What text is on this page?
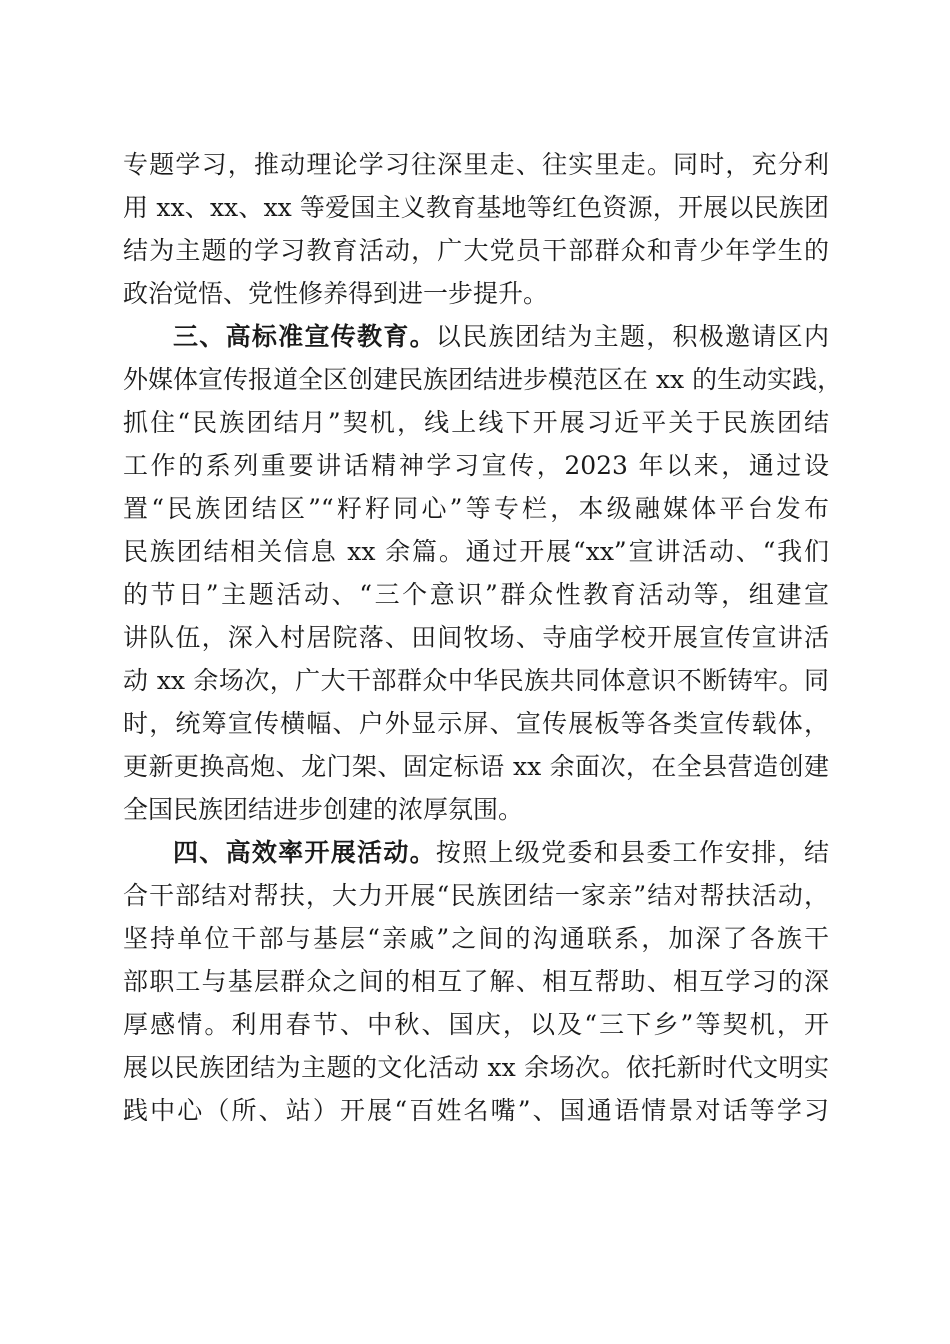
专题学习，推动理论学习往深里走、往实里走。同时，充分利
用 xx、xx、xx 等爱国主义教育基地等红色资源，开展以民族团
结为主题的学习教育活动，广大党员干部群众和青少年学生的
政治觉悟、党性修养得到进一步提升。
三、高标准宣传教育。以民族团结为主题，积极邀请区内
外媒体宣传报道全区创建民族团结进步模范区在 xx 的生动实践，
抓住“民族团结月”契机，线上线下开展习近平关于民族团结
工作的系列重要讲话精神学习宣传，2023 年以来，通过设
置“民族团结区”“籽籽同心”等专栏，本级融媒体平台发布
民族团结相关信息 xx 余篇。通过开展“xx”宣讲活动、“我们
的节日”主题活动、“三个意识”群众性教育活动等，组建宣
讲队伍，深入村居院落、田间牧场、寺庙学校开展宣传宣讲活
动 xx 余场次，广大干部群众中华民族共同体意识不断铸牢。同
时，统筹宣传横幅、户外显示屏、宣传展板等各类宣传载体，
更新更换高炮、龙门架、固定标语 xx 余面次，在全县营造创建
全国民族团结进步创建的浓厚氛围。
四、高效率开展活动。按照上级党委和县委工作安排，结
合干部结对帮扶，大力开展“民族团结一家亲”结对帮扶活动，
坚持单位干部与基层“亲戚”之间的沟通联系，加深了各族干
部职工与基层群众之间的相互了解、相互帮助、相互学习的深
厚感情。利用春节、中秋、国庆，以及“三下乡”等契机，开
展以民族团结为主题的文化活动 xx 余场次。依托新时代文明实
践中心（所、站）开展“百姓名嘴”、国通语情景对话等学习
